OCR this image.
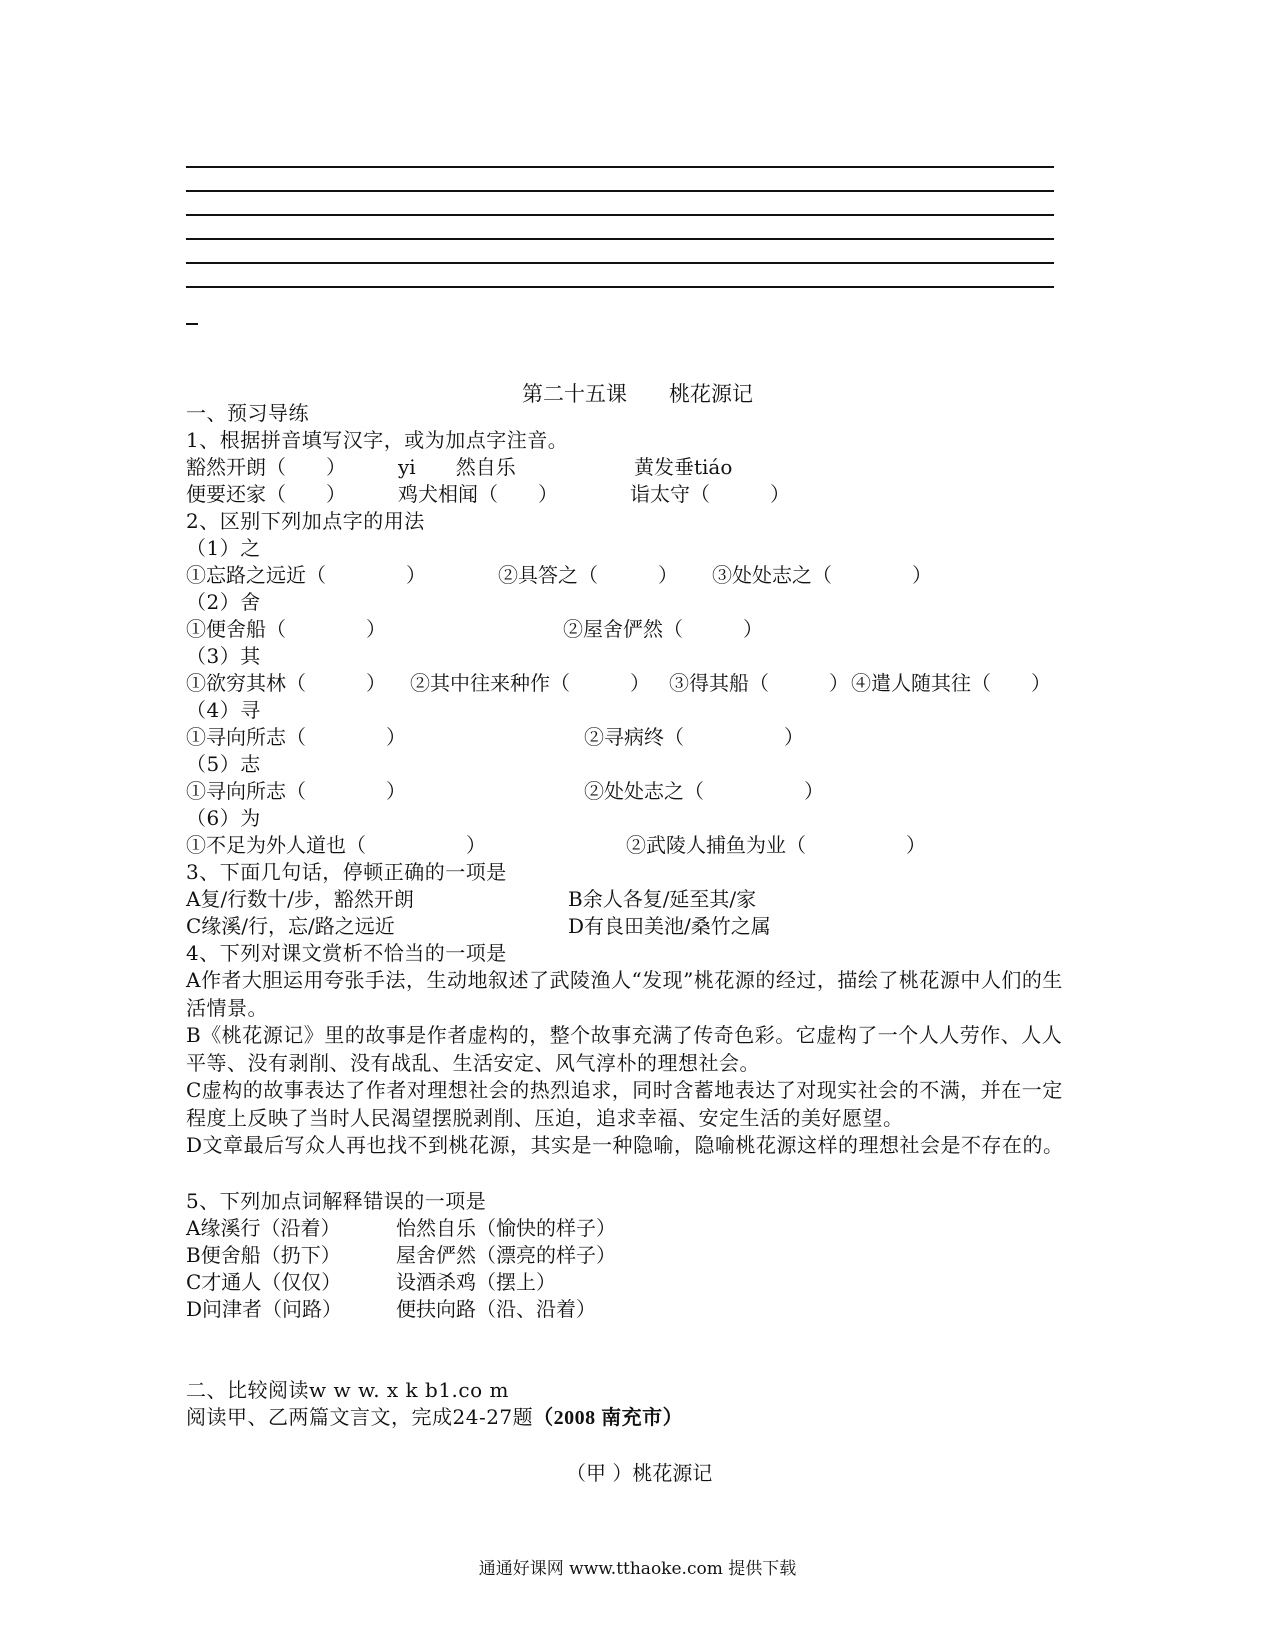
第二十五课　　桃花源记
一、预习导练
1、根据拼音填写汉字，或为加点字注音。
豁然开朗（　　）	yi　　然自乐	黄发垂tiáo
便要还家（　　）	鸡犬相闻（　　）	诣太守（　　　）
2、区别下列加点字的用法
（1）之
①忘路之远近（　　　　）	②具答之（　　　） ③处处志之（　　　　）
（2）舍
①便舍船（　　　　）	②屋舍俨然（　　　）
（3）其
①欲穷其林（　　　） ②其中往来种作（　　　） ③得其船（　　　） ④遣人随其往（　　）
（4）寻
①寻向所志（　　　　）	②寻病终（　　　　　）
（5）志
①寻向所志（　　　　）	②处处志之（　　　　　）
（6）为
①不足为外人道也（　　　　　）	②武陵人捕鱼为业（　　　　　）
3、下面几句话，停顿正确的一项是
A复/行数十/步，豁然开朗	B余人各复/延至其/家
C缘溪/行，忘/路之远近	D有良田美池/桑竹之属
4、下列对课文赏析不恰当的一项是
A作者大胆运用夸张手法，生动地叙述了武陵渔人“发现”桃花源的经过，描绘了桃花源中人们的生活情景。
B《桃花源记》里的故事是作者虚构的，整个故事充满了传奇色彩。它虚构了一个人人劳作、人人平等、没有剥削、没有战乱、生活安定、风气淳朴的理想社会。
C虚构的故事表达了作者对理想社会的热烈追求，同时含蓄地表达了对现实社会的不满，并在一定程度上反映了当时人民渴望摆脱剥削、压迫，追求幸福、安定生活的美好愿望。
D文章最后写众人再也找不到桃花源，其实是一种隐喻，隐喻桃花源这样的理想社会是不存在的。
5、下列加点词解释错误的一项是
A缘溪行（沿着）	怡然自乐（愉快的样子）
B便舍船（扔下）	屋舍俨然（漂亮的样子）
C才通人（仅仅）	设酒杀鸡（摆上）
D问津者（问路）	便扶向路（沿、沿着）
二、比较阅读w w w. x k b1.co m
阅读甲、乙两篇文言文，完成24-27题（2008 南充市）
（甲 ）桃花源记
通通好课网 www.tthaoke.com 提供下载
